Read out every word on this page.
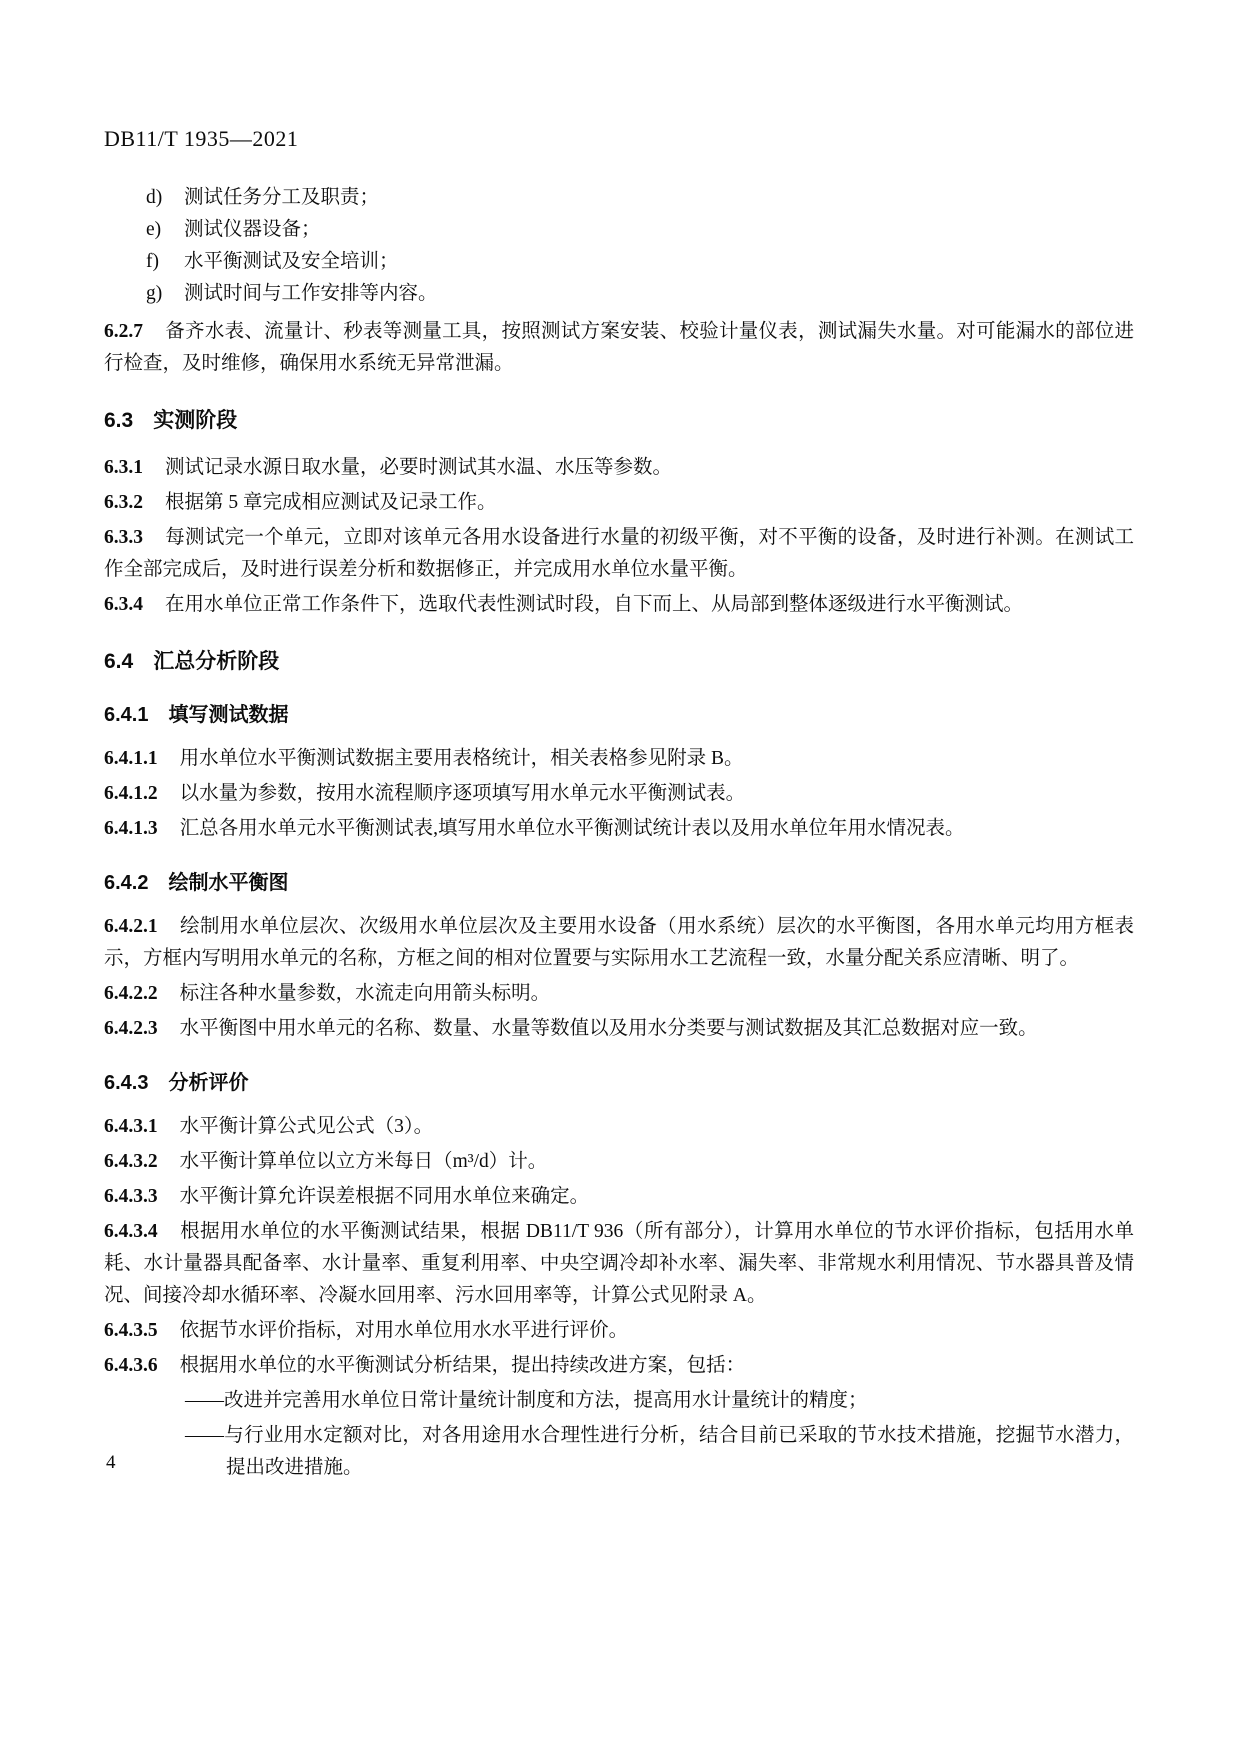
DB11/T 1935—2021
d) 测试任务分工及职责；
e) 测试仪器设备；
f) 水平衡测试及安全培训；
g) 测试时间与工作安排等内容。

6.2.7 备齐水表、流量计、秒表等测量工具，按照测试方案安装、校验计量仪表，测试漏失水量。对可能漏水的部位进行检查，及时维修，确保用水系统无异常泄漏。

6.3 实测阶段

6.3.1 测试记录水源日取水量，必要时测试其水温、水压等参数。

6.3.2 根据第 5 章完成相应测试及记录工作。

6.3.3 每测试完一个单元，立即对该单元各用水设备进行水量的初级平衡，对不平衡的设备，及时进行补测。在测试工作全部完成后，及时进行误差分析和数据修正，并完成用水单位水量平衡。

6.3.4 在用水单位正常工作条件下，选取代表性测试时段，自下而上、从局部到整体逐级进行水平衡测试。

6.4 汇总分析阶段
6.4.1 填写测试数据

6.4.1.1 用水单位水平衡测试数据主要用表格统计，相关表格参见附录 B。

6.4.1.2 以水量为参数，按用水流程顺序逐项填写用水单元水平衡测试表。

6.4.1.3 汇总各用水单元水平衡测试表,填写用水单位水平衡测试统计表以及用水单位年用水情况表。

6.4.2 绘制水平衡图

6.4.2.1 绘制用水单位层次、次级用水单位层次及主要用水设备（用水系统）层次的水平衡图，各用水单元均用方框表示，方框内写明用水单元的名称，方框之间的相对位置要与实际用水工艺流程一致，水量分配关系应清晰、明了。

6.4.2.2 标注各种水量参数，水流走向用箭头标明。

6.4.2.3 水平衡图中用水单元的名称、数量、水量等数值以及用水分类要与测试数据及其汇总数据对应一致。

6.4.3 分析评价

6.4.3.1 水平衡计算公式见公式（3）。

6.4.3.2 水平衡计算单位以立方米每日（m³/d）计。

6.4.3.3 水平衡计算允许误差根据不同用水单位来确定。

6.4.3.4 根据用水单位的水平衡测试结果，根据 DB11/T 936（所有部分），计算用水单位的节水评价指标，包括用水单耗、水计量器具配备率、水计量率、重复利用率、中央空调冷却补水率、漏失率、非常规水利用情况、节水器具普及情况、间接冷却水循环率、冷凝水回用率、污水回用率等，计算公式见附录 A。

6.4.3.5 依据节水评价指标，对用水单位用水水平进行评价。

6.4.3.6 根据用水单位的水平衡测试分析结果，提出持续改进方案，包括：

——改进并完善用水单位日常计量统计制度和方法，提高用水计量统计的精度；

——与行业用水定额对比，对各用途用水合理性进行分析，结合目前已采取的节水技术措施，挖掘节水潜力，提出改进措施。

4
